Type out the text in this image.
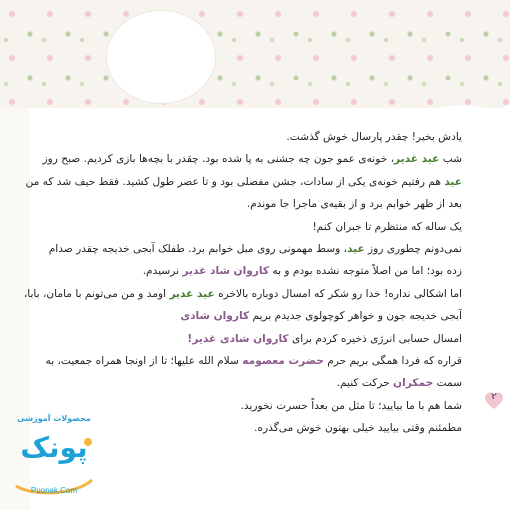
یادش بخیر! چقدر پارسال خوش گذشت.

شب عید غدیر، خونه‌ی عمو جون چه جشنی به پا شده بود. چقدر با بچه‌ها بازی کردیم. صبح روز

عید هم رفتیم خونه‌ی یکی از سادات، جشن مفصلی بود و تا عصر طول کشید. فقط حیف شد که من

بعد از ظهر خوابم برد و از بقیه‌ی ماجرا جا موندم.

یک ساله که منتظرم تا جبران کنم!

نمی‌دونم چطوری روز عید، وسط مهمونی روی مبل خوابم برد. طفلک آبجی خدیجه چقدر صدام

زده بود؛ اما من اصلاً متوجه نشده بودم و به کاروان شاد غدیر نرسیدم.

اما اشکالی نداره! خدا رو شکر که امسال دوباره بالاخره عید غدیر اومد و من می‌تونم با مامان، بابا،

آبجی خدیجه جون و خواهر کوچولوی جدیدم بریم کاروان شادی

امسال حسابی انرژی ذخیره کردم برای کاروان شادی غدیر!

قراره که فردا همگی بریم حرم حضرت معصومه سلام الله علیها؛ تا از اونجا همراه جمعیت، به

سمت جمکران حرکت کنیم.

شما هم با ما بیایید؛ تا مثل من بعداً حسرت نخورید.

مطمئنم وقتی بیایید خیلی بهتون خوش می‌گذره.

۲
محصولات آموزشی
پونک
Puonak.Com
